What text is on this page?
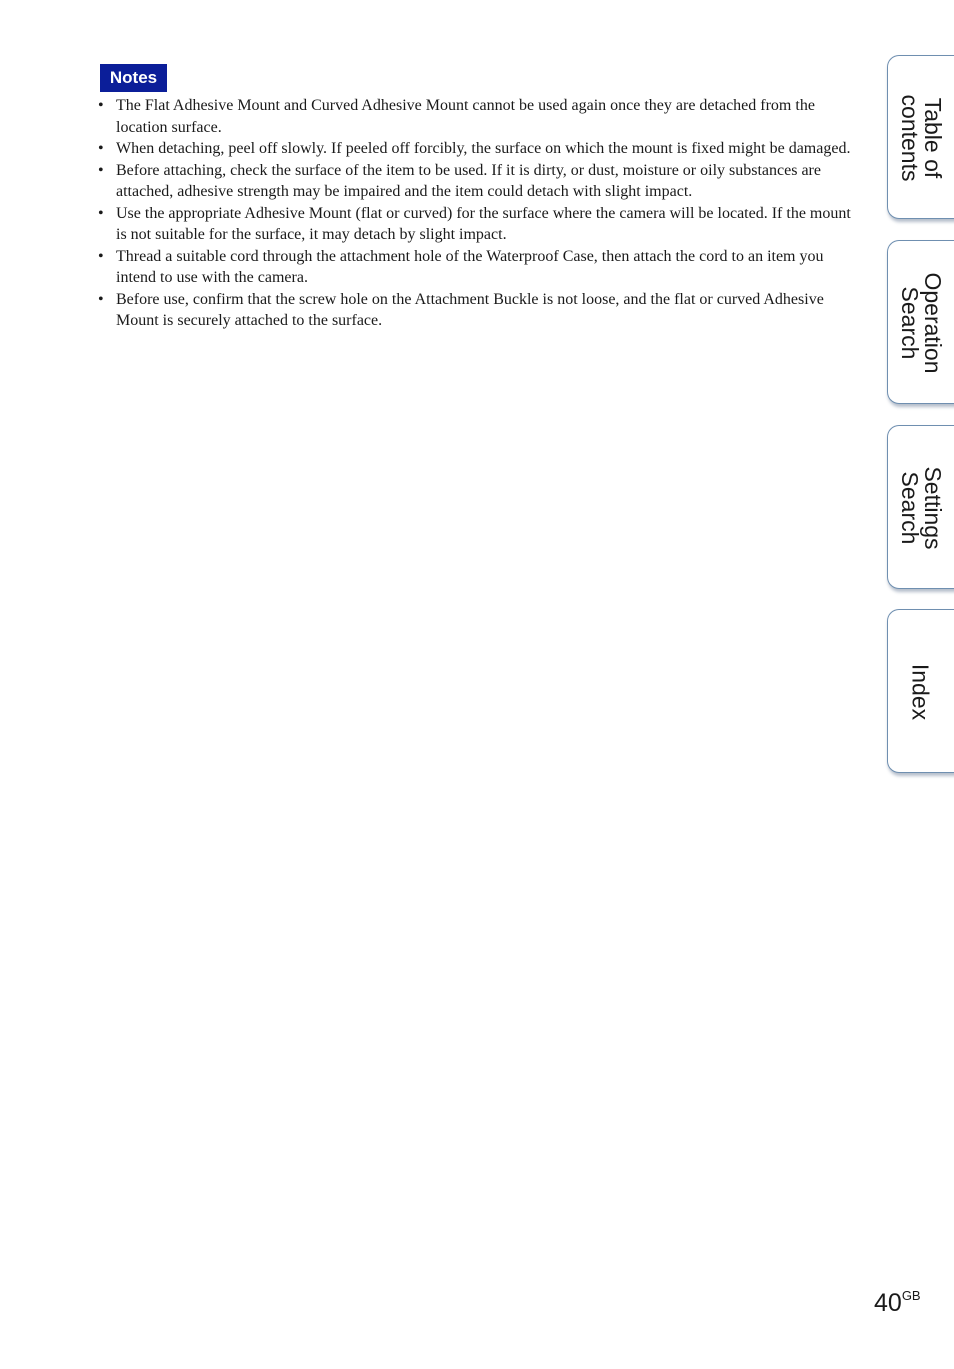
Notes
• The Flat Adhesive Mount and Curved Adhesive Mount cannot be used again once they are detached from the location surface.
• When detaching, peel off slowly. If peeled off forcibly, the surface on which the mount is fixed might be damaged.
• Before attaching, check the surface of the item to be used. If it is dirty, or dust, moisture or oily substances are attached, adhesive strength may be impaired and the item could detach with slight impact.
• Use the appropriate Adhesive Mount (flat or curved) for the surface where the camera will be located. If the mount is not suitable for the surface, it may detach by slight impact.
• Thread a suitable cord through the attachment hole of the Waterproof Case, then attach the cord to an item you intend to use with the camera.
• Before use, confirm that the screw hole on the Attachment Buckle is not loose, and the flat or curved Adhesive Mount is securely attached to the surface.
Table of
contents
Operation
Search
Settings
Search
Index
$40^{GB}$
